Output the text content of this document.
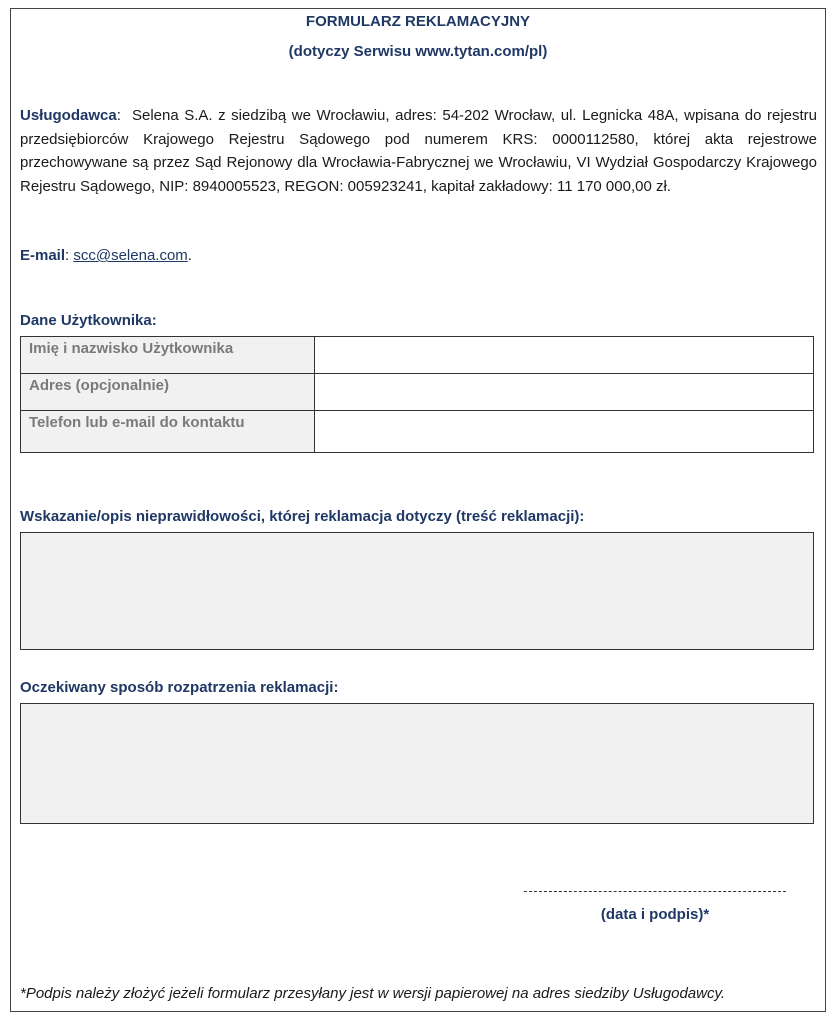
FORMULARZ REKLAMACYJNY
(dotyczy Serwisu www.tytan.com/pl)
Usługodawca:  Selena S.A. z siedzibą we Wrocławiu, adres: 54-202 Wrocław, ul. Legnicka 48A, wpisana do rejestru przedsiębiorców Krajowego Rejestru Sądowego pod numerem KRS: 0000112580, której akta rejestrowe przechowywane są przez Sąd Rejonowy dla Wrocławia-Fabrycznej we Wrocławiu, VI Wydział Gospodarczy Krajowego Rejestru Sądowego, NIP: 8940005523, REGON: 005923241, kapitał zakładowy: 11 170 000,00 zł.
E-mail: scc@selena.com.
Dane Użytkownika:
Imię i nazwisko Użytkownika	
Adres (opcjonalnie)	
Telefon lub e-mail do kontaktu	
Wskazanie/opis nieprawidłowości, której reklamacja dotyczy (treść reklamacji):
Oczekiwany sposób rozpatrzenia reklamacji:
(data i podpis)*
*Podpis należy złożyć jeżeli formularz przesyłany jest w wersji papierowej na adres siedziby Usługodawcy.
